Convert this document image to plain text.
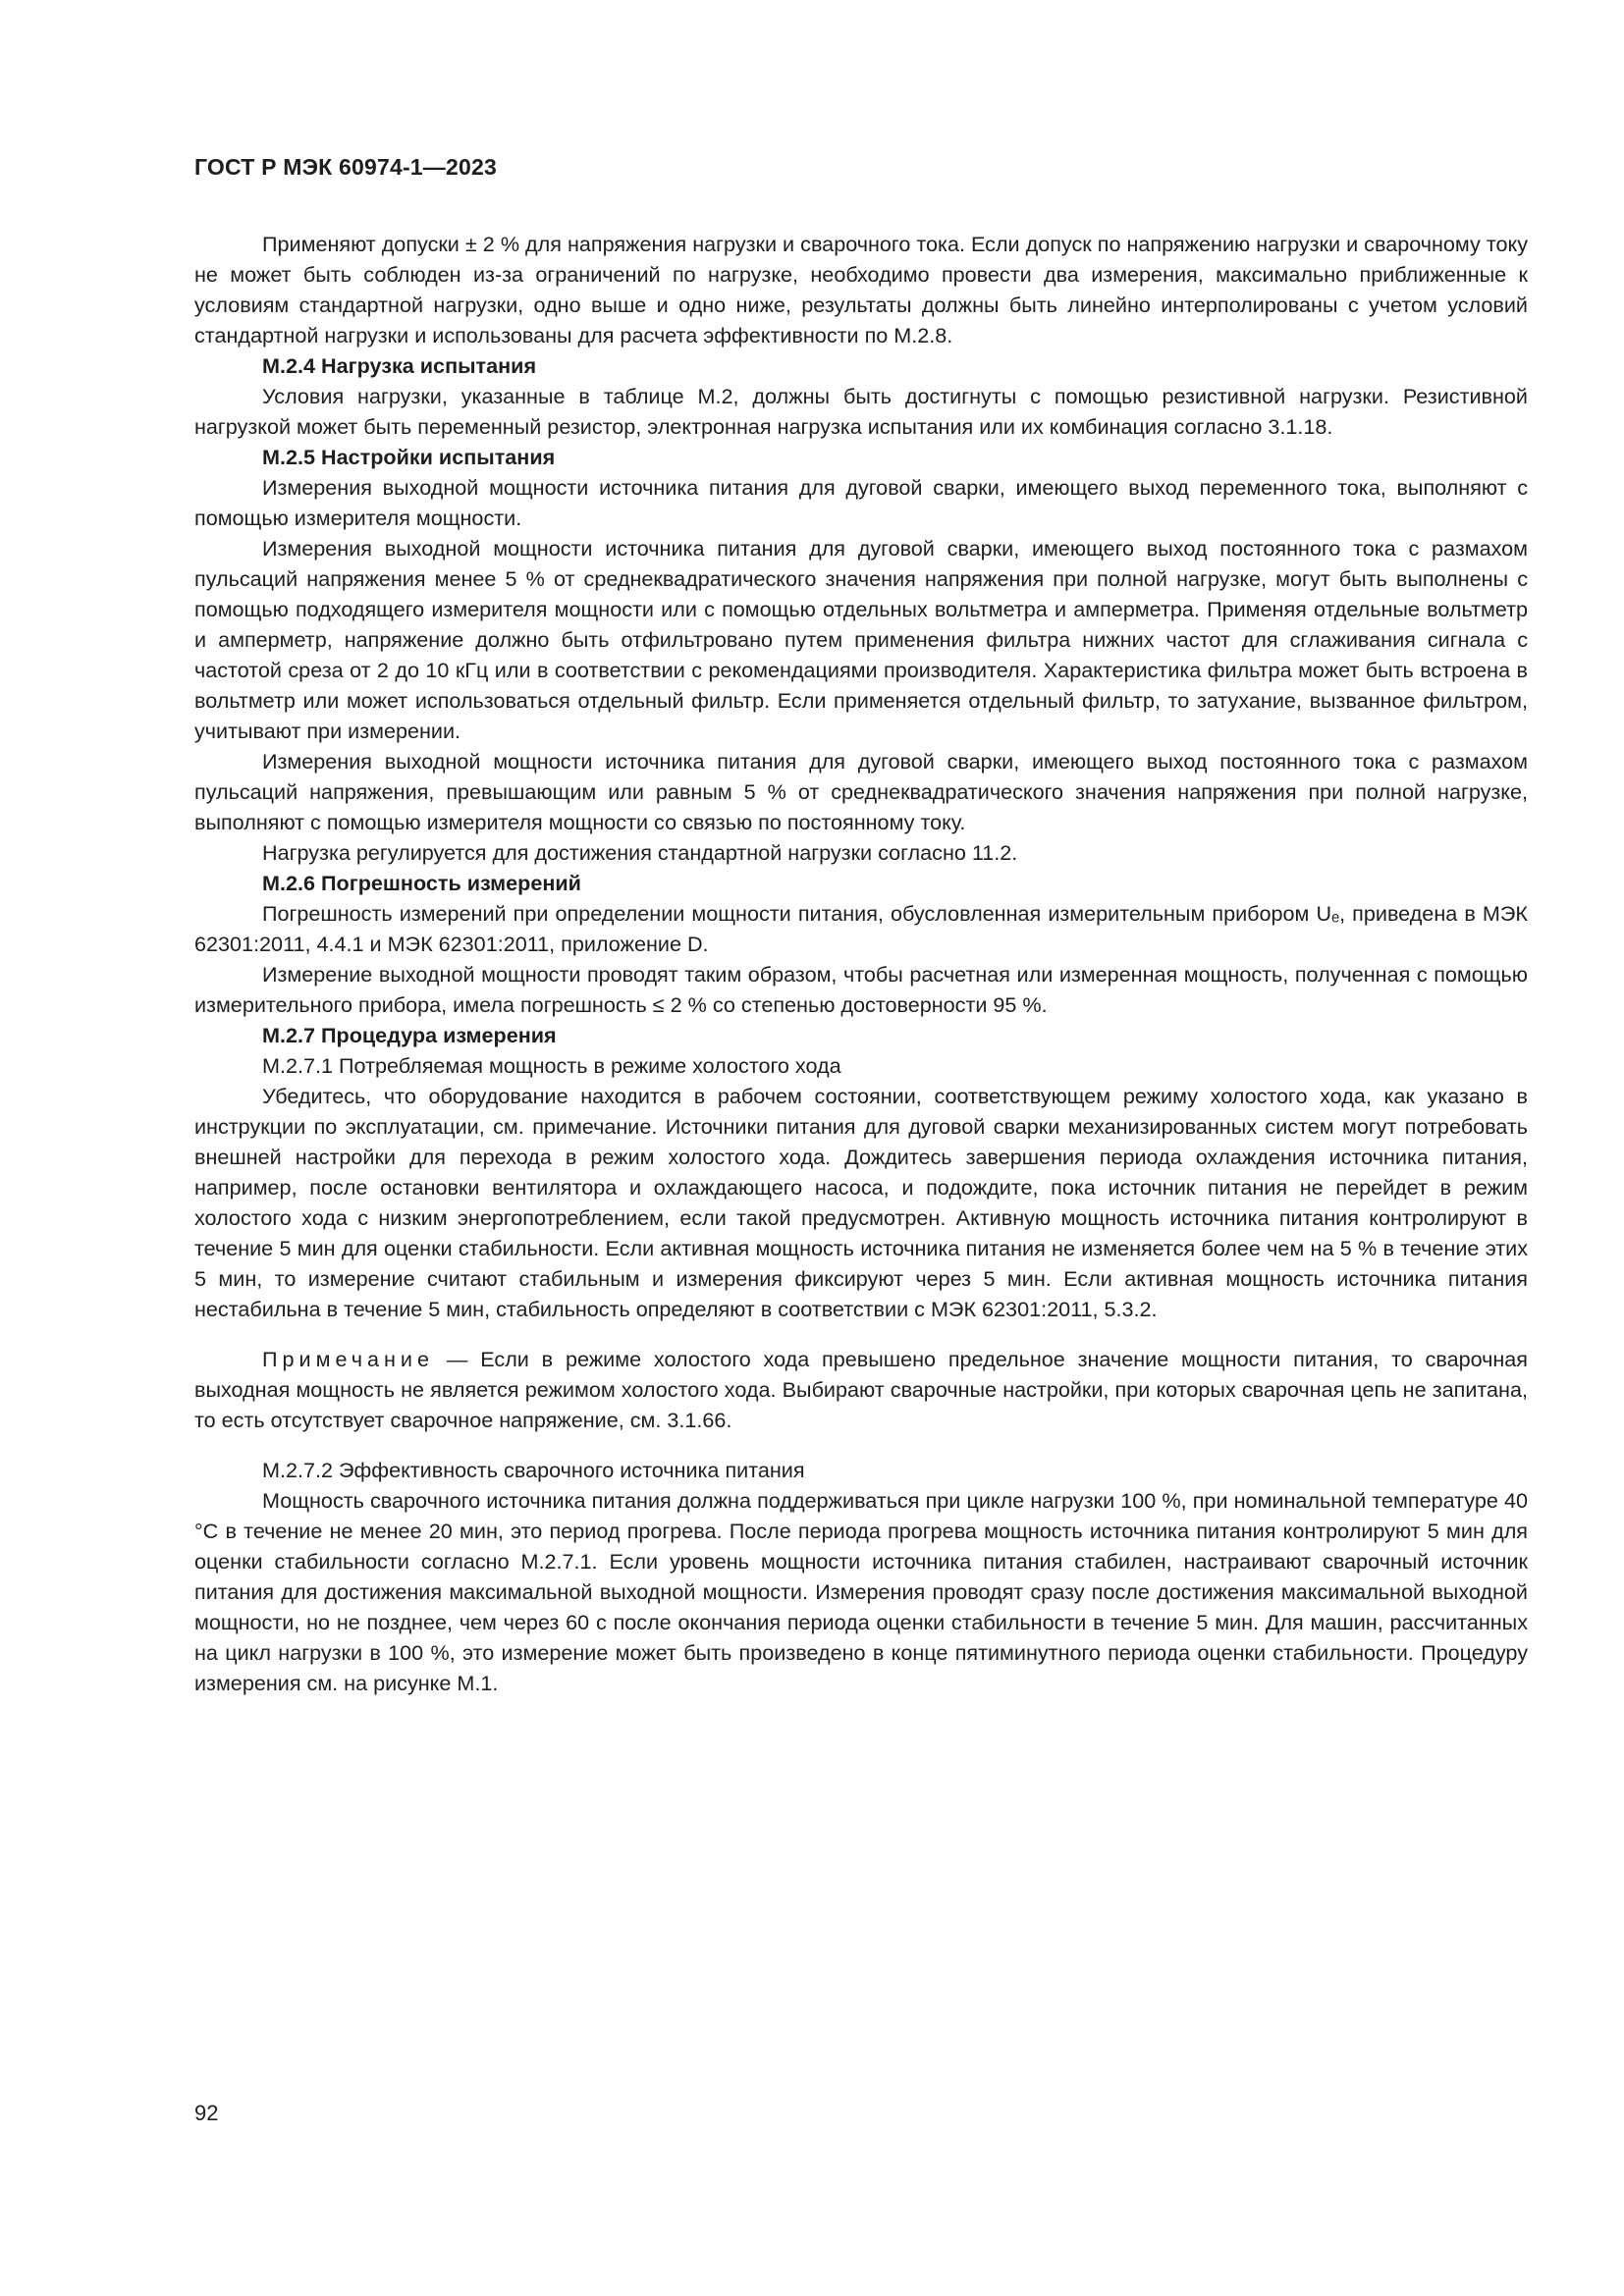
ГОСТ Р МЭК 60974-1—2023

Применяют допуски ± 2 % для напряжения нагрузки и сварочного тока. Если допуск по напряжению нагрузки и сварочному току не может быть соблюден из-за ограничений по нагрузке, необходимо провести два измерения, максимально приближенные к условиям стандартной нагрузки, одно выше и одно ниже, результаты должны быть линейно интерполированы с учетом условий стандартной нагрузки и использованы для расчета эффективности по М.2.8.

М.2.4 Нагрузка испытания

Условия нагрузки, указанные в таблице М.2, должны быть достигнуты с помощью резистивной нагрузки. Резистивной нагрузкой может быть переменный резистор, электронная нагрузка испытания или их комбинация согласно 3.1.18.

М.2.5 Настройки испытания

Измерения выходной мощности источника питания для дуговой сварки, имеющего выход переменного тока, выполняют с помощью измерителя мощности.

Измерения выходной мощности источника питания для дуговой сварки, имеющего выход постоянного тока с размахом пульсаций напряжения менее 5 % от среднеквадратического значения напряжения при полной нагрузке, могут быть выполнены с помощью подходящего измерителя мощности или с помощью отдельных вольтметра и амперметра. Применяя отдельные вольтметр и амперметр, напряжение должно быть отфильтровано путем применения фильтра нижних частот для сглаживания сигнала с частотой среза от 2 до 10 кГц или в соответствии с рекомендациями производителя. Характеристика фильтра может быть встроена в вольтметр или может использоваться отдельный фильтр. Если применяется отдельный фильтр, то затухание, вызванное фильтром, учитывают при измерении.

Измерения выходной мощности источника питания для дуговой сварки, имеющего выход постоянного тока с размахом пульсаций напряжения, превышающим или равным 5 % от среднеквадратического значения напряжения при полной нагрузке, выполняют с помощью измерителя мощности со связью по постоянному току.

Нагрузка регулируется для достижения стандартной нагрузки согласно 11.2.

М.2.6 Погрешность измерений

Погрешность измерений при определении мощности питания, обусловленная измерительным прибором Uₑ, приведена в МЭК 62301:2011, 4.4.1 и МЭК 62301:2011, приложение D.

Измерение выходной мощности проводят таким образом, чтобы расчетная или измеренная мощность, полученная с помощью измерительного прибора, имела погрешность ≤ 2 % со степенью достоверности 95 %.

М.2.7 Процедура измерения

М.2.7.1 Потребляемая мощность в режиме холостого хода

Убедитесь, что оборудование находится в рабочем состоянии, соответствующем режиму холостого хода, как указано в инструкции по эксплуатации, см. примечание. Источники питания для дуговой сварки механизированных систем могут потребовать внешней настройки для перехода в режим холостого хода. Дождитесь завершения периода охлаждения источника питания, например, после остановки вентилятора и охлаждающего насоса, и подождите, пока источник питания не перейдет в режим холостого хода с низким энергопотреблением, если такой предусмотрен. Активную мощность источника питания контролируют в течение 5 мин для оценки стабильности. Если активная мощность источника питания не изменяется более чем на 5 % в течение этих 5 мин, то измерение считают стабильным и измерения фиксируют через 5 мин. Если активная мощность источника питания нестабильна в течение 5 мин, стабильность определяют в соответствии с МЭК 62301:2011, 5.3.2.

Примечание — Если в режиме холостого хода превышено предельное значение мощности питания, то сварочная выходная мощность не является режимом холостого хода. Выбирают сварочные настройки, при которых сварочная цепь не запитана, то есть отсутствует сварочное напряжение, см. 3.1.66.

М.2.7.2 Эффективность сварочного источника питания

Мощность сварочного источника питания должна поддерживаться при цикле нагрузки 100 %, при номинальной температуре 40 °С в течение не менее 20 мин, это период прогрева. После периода прогрева мощность источника питания контролируют 5 мин для оценки стабильности согласно М.2.7.1. Если уровень мощности источника питания стабилен, настраивают сварочный источник питания для достижения максимальной выходной мощности. Измерения проводят сразу после достижения максимальной выходной мощности, но не позднее, чем через 60 с после окончания периода оценки стабильности в течение 5 мин. Для машин, рассчитанных на цикл нагрузки в 100 %, это измерение может быть произведено в конце пятиминутного периода оценки стабильности. Процедуру измерения см. на рисунке М.1.

92
